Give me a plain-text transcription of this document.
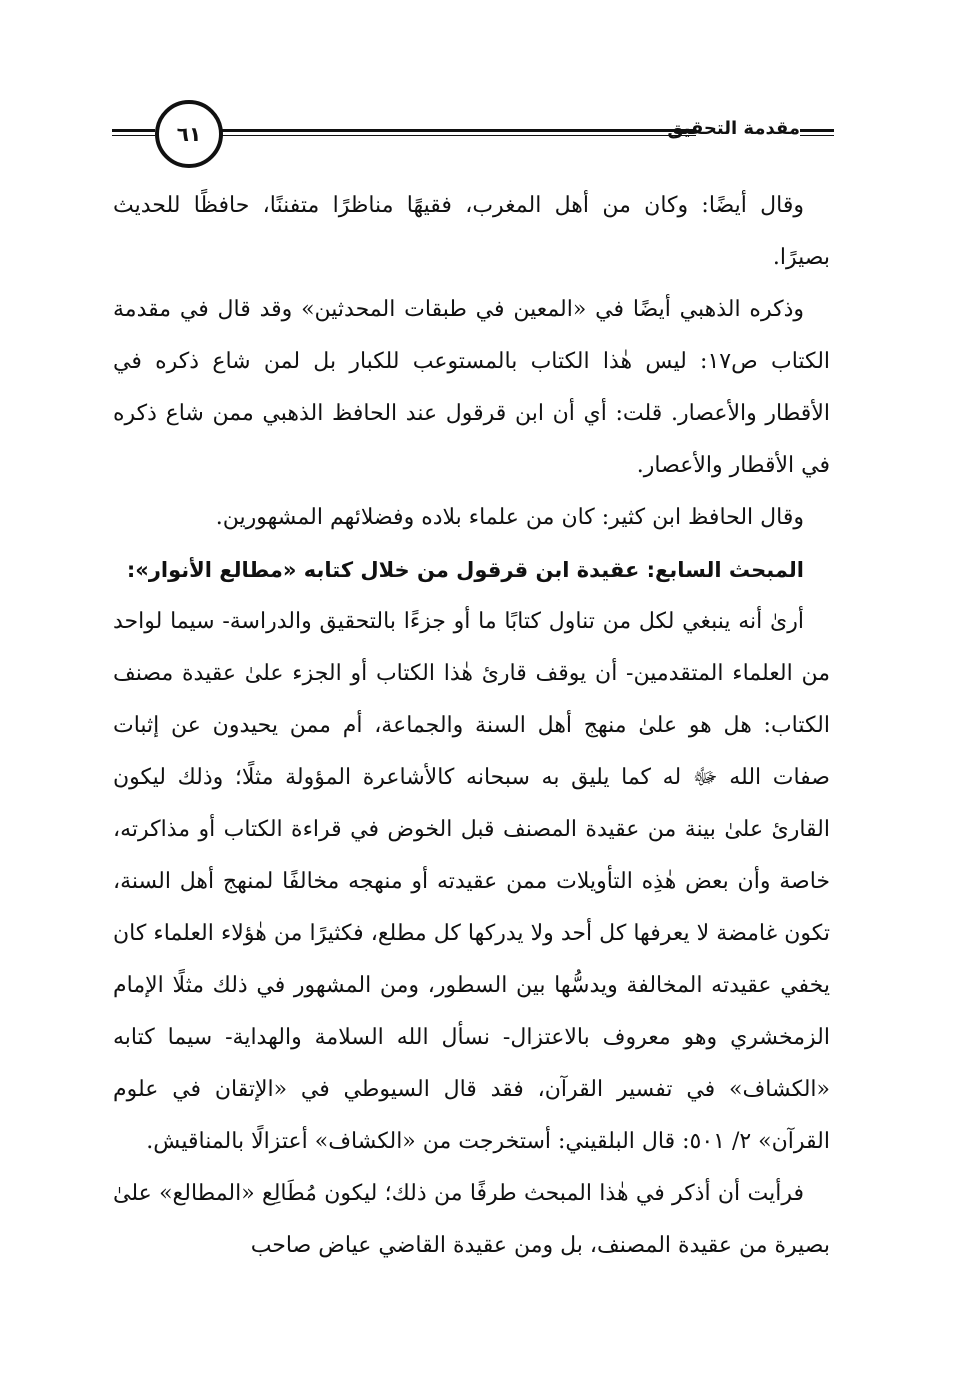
٦١	مقدمة التحقيق

وقال أيضًا: وكان من أهل المغرب، فقيهًا مناظرًا متفننًا، حافظًا للحديث بصيرًا.

وذكره الذهبي أيضًا في «المعين في طبقات المحدثين» وقد قال في مقدمة الكتاب ص١٧: ليس هٰذا الكتاب بالمستوعب للكبار بل لمن شاع ذكره في الأقطار والأعصار. قلت: أي أن ابن قرقول عند الحافظ الذهبي ممن شاع ذكره في الأقطار والأعصار.

وقال الحافظ ابن كثير: كان من علماء بلاده وفضلائهم المشهورين.

المبحث السابع: عقيدة ابن قرقول من خلال كتابه «مطالع الأنوار»:

أرىٰ أنه ينبغي لكل من تناول كتابًا ما أو جزءًا بالتحقيق والدراسة- سيما لواحد من العلماء المتقدمين- أن يوقف قارئ هٰذا الكتاب أو الجزء علىٰ عقيدة مصنف الكتاب: هل هو علىٰ منهج أهل السنة والجماعة، أم ممن يحيدون عن إثبات صفات الله ﷻ له كما يليق به سبحانه كالأشاعرة المؤولة مثلًا؛ وذلك ليكون القارئ علىٰ بينة من عقيدة المصنف قبل الخوض في قراءة الكتاب أو مذاكرته، خاصة وأن بعض هٰذِه التأويلات ممن عقيدته أو منهجه مخالفًا لمنهج أهل السنة، تكون غامضة لا يعرفها كل أحد ولا يدركها كل مطلع، فكثيرًا من هٰؤلاء العلماء كان يخفي عقيدته المخالفة ويدسُّها بين السطور، ومن المشهور في ذلك مثلًا الإمام الزمخشري وهو معروف بالاعتزال- نسأل الله السلامة والهداية- سيما كتابه «الكشاف» في تفسير القرآن، فقد قال السيوطي في «الإتقان في علوم القرآن» ٢/ ٥٠١: قال البلقيني: أستخرجت من «الكشاف» أعتزالًا بالمناقيش.

فرأيت أن أذكر في هٰذا المبحث طرفًا من ذلك؛ ليكون مُطَالِع «المطالع» علىٰ بصيرة من عقيدة المصنف، بل ومن عقيدة القاضي عياض صاحب
